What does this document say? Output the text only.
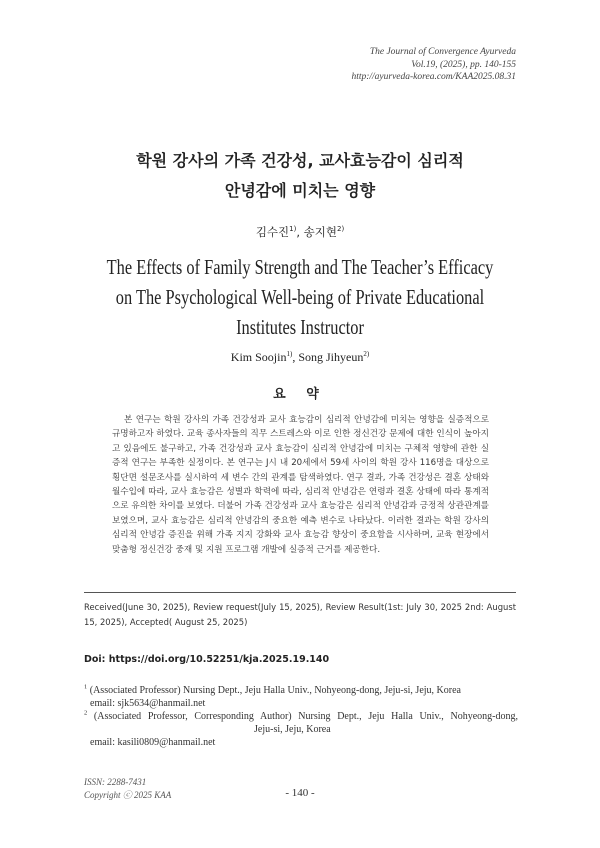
The Journal of Convergence Ayurveda
Vol.19, (2025), pp. 140-155
http://ayurveda-korea.com/KAA2025.08.31
학원 강사의 가족 건강성, 교사효능감이 심리적
안녕감에 미치는 영향
김수진$^{1)}$, 송지현$^{2)}$
The Effects of Family Strength and The Teacher’s Efficacy
on The Psychological Well-being of Private Educational
Institutes Instructor
Kim Soojin$^{1)}$, Song Jihyeun$^{2)}$
요 약
본 연구는 학원 강사의 가족 건강성과 교사 효능감이 심리적 안녕감에 미치는 영향을 실증적으로 규명하고자 하였다. 교육 종사자들의 직무 스트레스와 이로 인한 정신건강 문제에 대한 인식이 높아지고 있음에도 불구하고, 가족 건강성과 교사 효능감이 심리적 안녕감에 미치는 구체적 영향에 관한 실증적 연구는 부족한 실정이다. 본 연구는 J시 내 20세에서 59세 사이의 학원 강사 116명을 대상으로 횡단면 설문조사를 실시하여 세 변수 간의 관계를 탐색하였다. 연구 결과, 가족 건강성은 결혼 상태와 월수입에 따라, 교사 효능감은 성별과 학력에 따라, 심리적 안녕감은 연령과 결혼 상태에 따라 통계적으로 유의한 차이를 보였다. 더불어 가족 건강성과 교사 효능감은 심리적 안녕감과 긍정적 상관관계를 보였으며, 교사 효능감은 심리적 안녕감의 중요한 예측 변수로 나타났다. 이러한 결과는 학원 강사의 심리적 안녕감 증진을 위해 가족 지지 강화와 교사 효능감 향상이 중요함을 시사하며, 교육 현장에서 맞춤형 정신건강 중재 및 지원 프로그램 개발에 실증적 근거를 제공한다.
Received(June 30, 2025), Review request(July 15, 2025), Review Result(1st: July 30, 2025 2nd: August 15, 2025), Accepted( August 25, 2025)
Doi: https://doi.org/10.52251/kja.2025.19.140
$^1$ (Associated Professor) Nursing Dept., Jeju Halla Univ., Nohyeong-dong, Jeju-si, Jeju, Korea
email: sjk5634@hanmail.net
$^2$ (Associated Professor, Corresponding Author) Nursing Dept., Jeju Halla Univ., Nohyeong-dong,
Jeju-si, Jeju, Korea
email: kasili0809@hanmail.net
ISSN: 2288-7431
Copyright ⓒ 2025 KAA	- 140 -
